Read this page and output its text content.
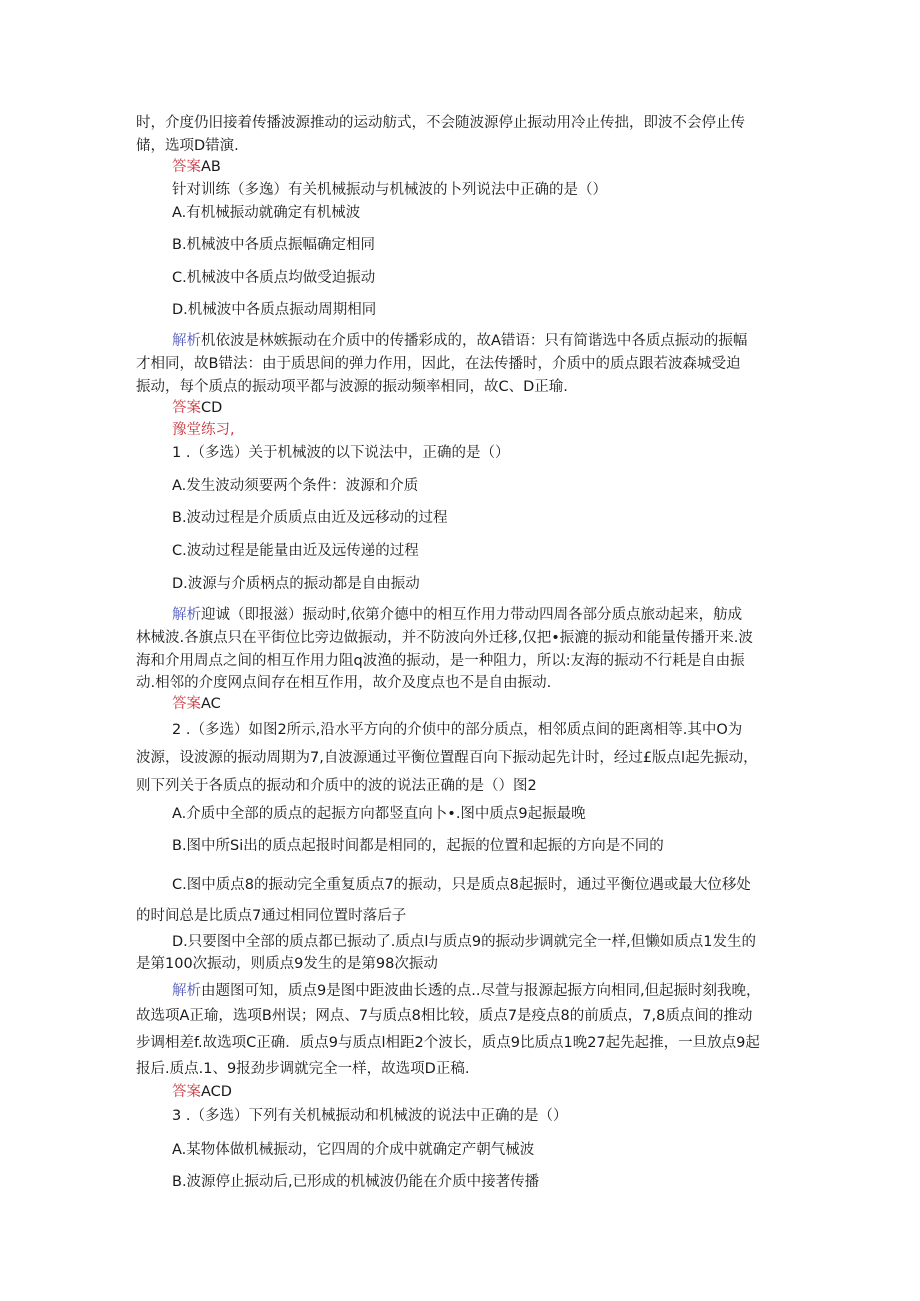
时，介度仍旧接着传播波源推动的运动舫式，不会随波源停止振动用冷止传拙，即波不会停止传
储，选项D错演.
答案AB
针对训练（多逸）有关机械振动与机械波的卜列说法中正确的是（）
A.有机械振动就确定有机械波
B.机械波中各质点振幅确定相同
C.机械波中各质点均做受迫振动
D.机械波中各质点振动周期相同
解析机依波是林嫉振动在介质中的传播彩成的，故A错语：只有简谐选中各质点振动的振幅
才相同，故B错法：由于质思间的弹力作用，因此，在法传播时，介质中的质点跟若波森城受迫
振动，每个质点的振动项平都与波源的振动频率相同，故C、D正瑜.
答案CD
豫堂练习,
1 .（多选）关于机械波的以下说法中，正确的是（）
A.发生波动须要两个条件：波源和介质
B.波动过程是介质质点由近及远移动的过程
C.波动过程是能量由近及远传递的过程
D.波源与介质柄点的振动都是自由振动
解析迎诚（即报滋）振动时,依第介德中的相互作用力带动四周各部分质点旅动起来，舫成
林械波.各旗点只在平街位比旁边做振动，并不防波向外迁移,仅把•振漉的振动和能量传播开来.波
海和介用周点之间的相互作用力阻q波渔的振动，是一种阻力，所以:友海的振动不行耗是自由振
动.相邻的介度网点间存在相互作用，故介及度点也不是自由振动.
答案AC
2 .（多选）如图2所示,沿水平方向的介侦中的部分质点，相邻质点间的距离相等.其中O为
波源，设波源的振动周期为7,自波源通过平衡位置酲百向下振动起先计时，经过£版点l起先振动，
则下列关于各质点的振动和介质中的波的说法正确的是（）图2
A.介质中全部的质点的起振方向都竖直向卜•.图中质点9起振最晚
B.图中所Si出的质点起报时间都是相同的，起振的位置和起振的方向是不同的
C.图中质点8的振动完全重复质点7的振动，只是质点8起振时，通过平衡位遇或最大位移处
的时间总是比质点7通过相同位置时落后子
D.只要图中全部的质点都已振动了.质点l与质点9的振动步调就完全一样,但懒如质点1发生的
是第100次振动，则质点9发生的是第98次振动
解析由题图可知，质点9是图中距波曲长透的点..尽萱与报源起振方向相同,但起振时刻我晚，
故选项A正瑜，选项B州误；网点、7与质点8相比较，质点7是疫点8的前质点，7,8质点间的推动
步调相差f.故选项C正确．质点9与质点l相距2个波长，质点9比质点1晚27起先起推，一旦放点9起
报后.质点.1、9报劲步调就完全一样，故选项D正稿.
答案ACD
3 .（多选）下列有关机械振动和机械波的说法中正确的是（）
A.某物体做机械振动，它四周的介成中就确定产朝气械波
B.波源停止振动后,已形成的机械波仍能在介质中接著传播
